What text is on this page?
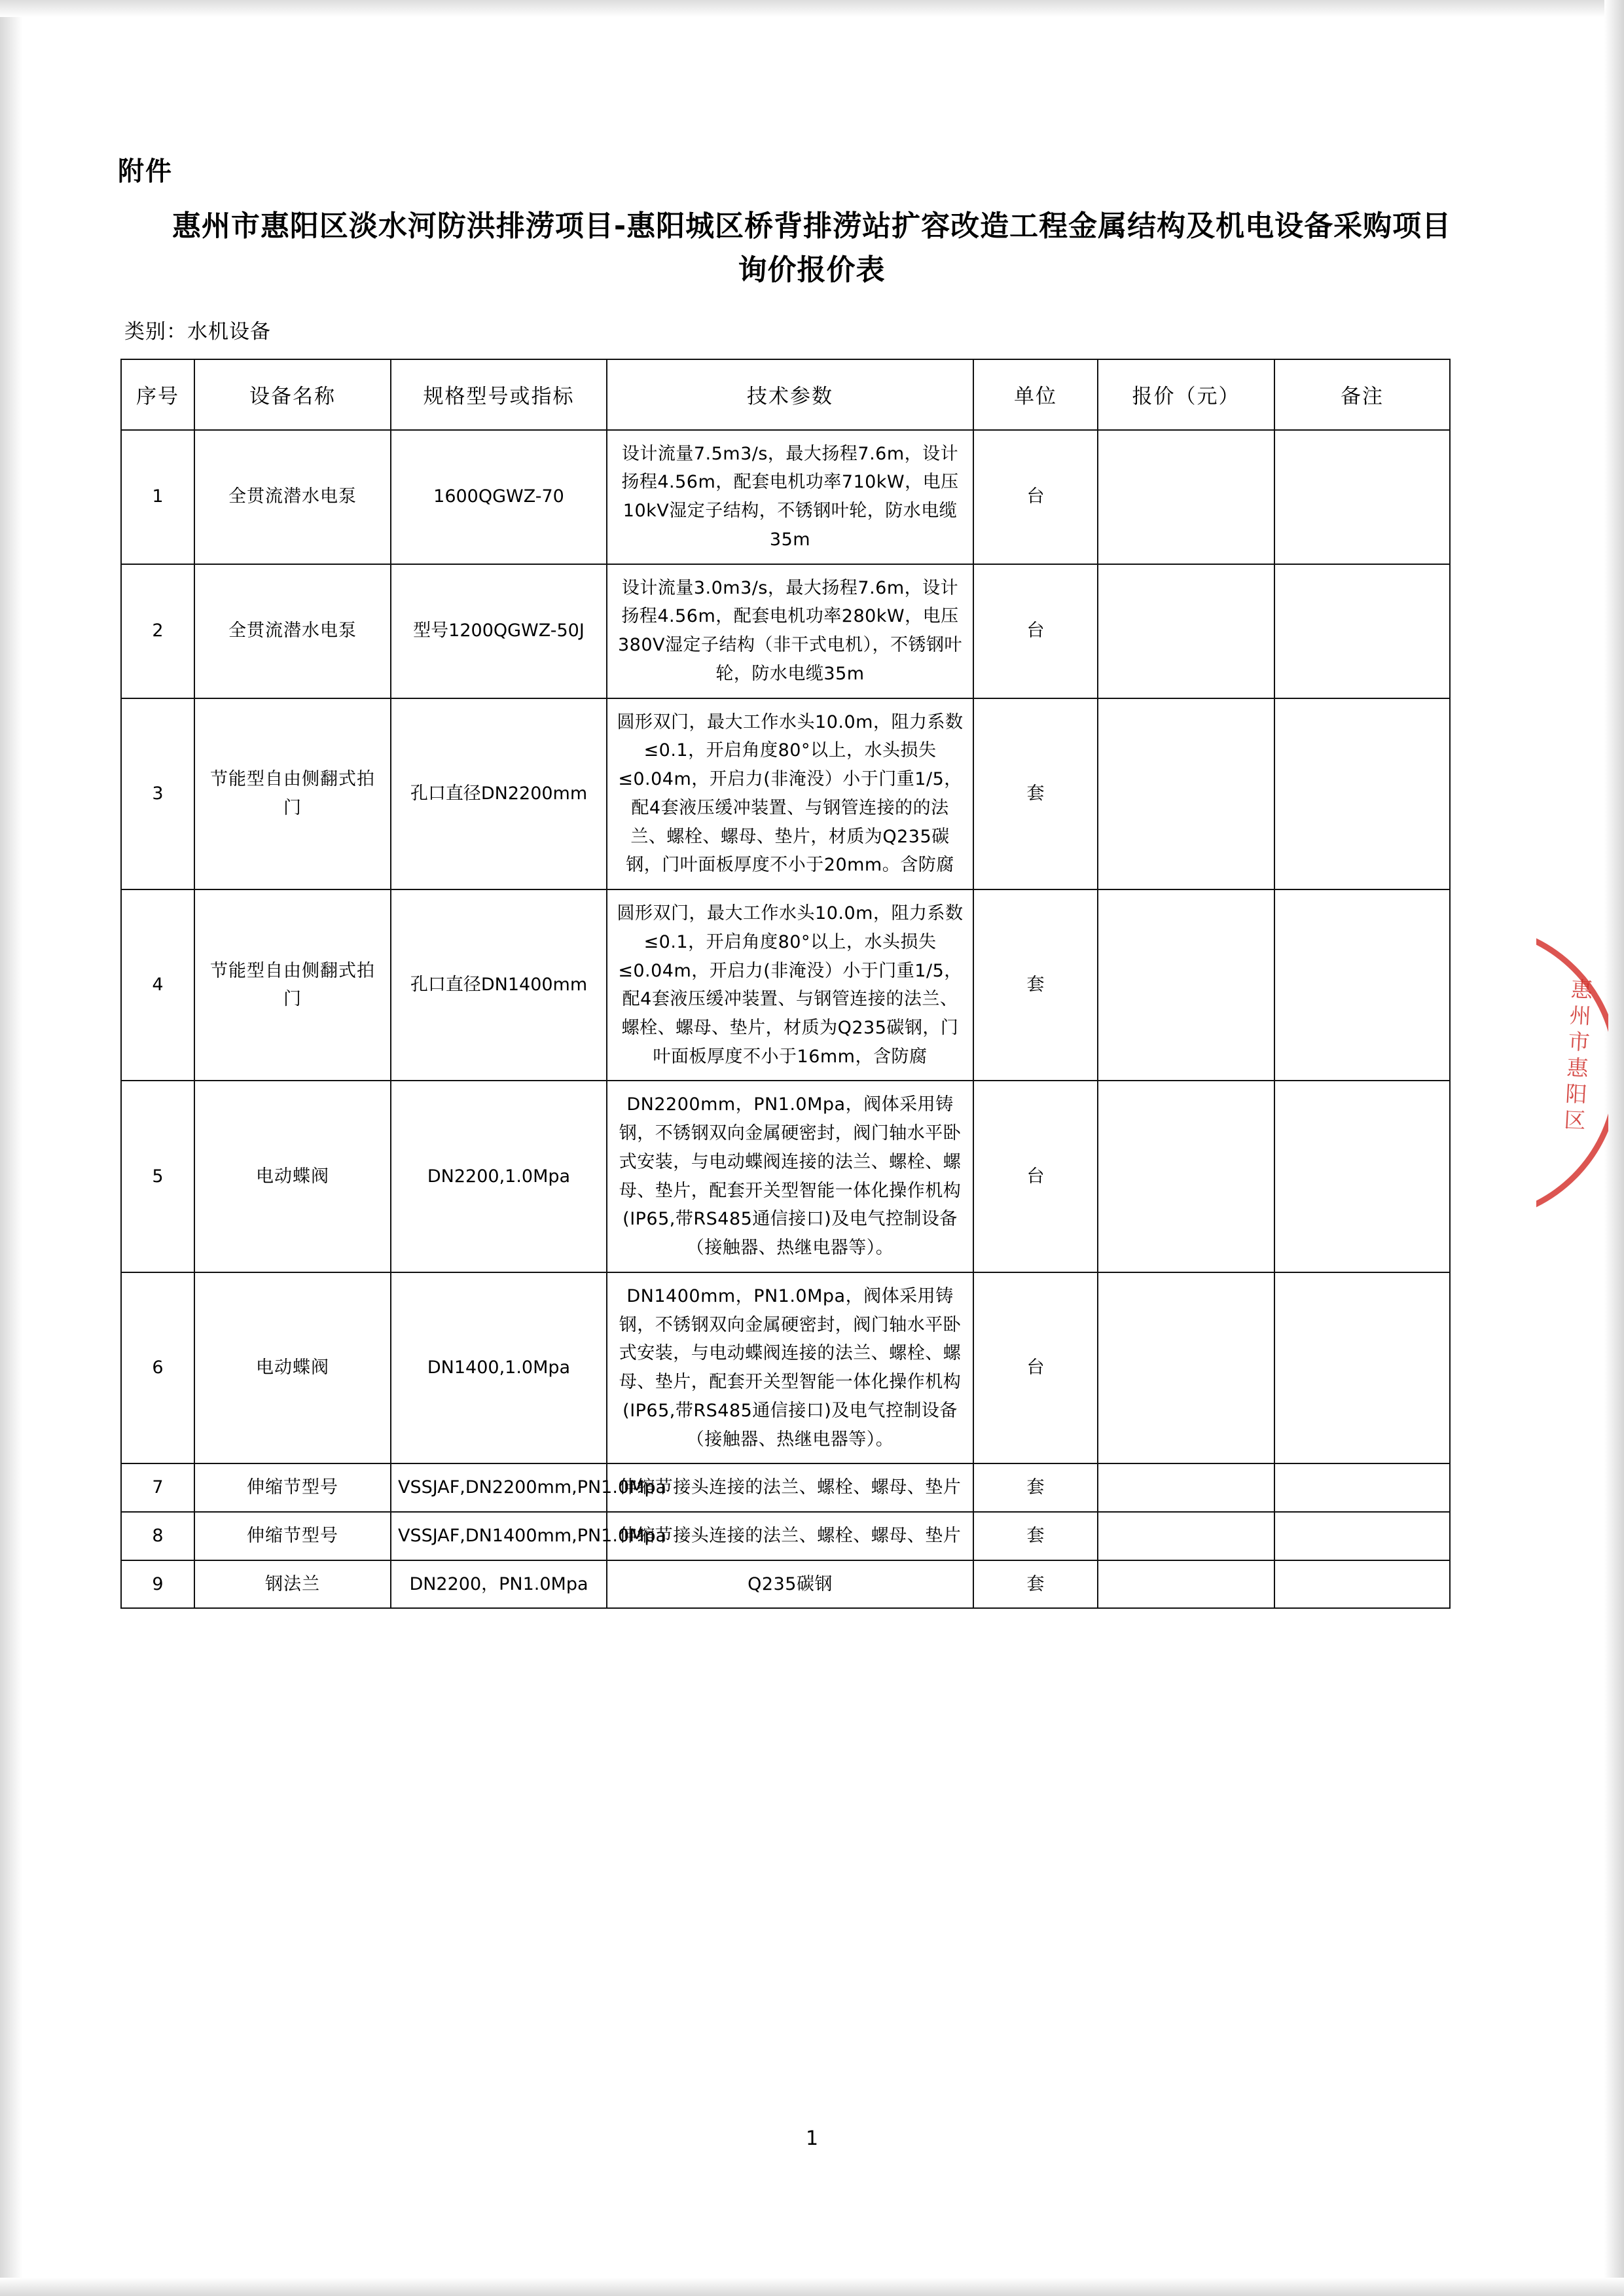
附件
惠州市惠阳区淡水河防洪排涝项目-惠阳城区桥背排涝站扩容改造工程金属结构及机电设备采购项目询价报价表
类别：水机设备
序号	设备名称	规格型号或指标	技术参数	单位	报价（元）	备注
1	全贯流潜水电泵	1600QGWZ-70	设计流量7.5m3/s，最大扬程7.6m，设计扬程4.56m，配套电机功率710kW，电压10kV湿定子结构，不锈钢叶轮，防水电缆35m	台		
2	全贯流潜水电泵	型号1200QGWZ-50J	设计流量3.0m3/s，最大扬程7.6m，设计扬程4.56m，配套电机功率280kW，电压380V湿定子结构（非干式电机），不锈钢叶轮，防水电缆35m	台		
3	节能型自由侧翻式拍门	孔口直径DN2200mm	圆形双门，最大工作水头10.0m，阻力系数≤0.1，开启角度80°以上，水头损失≤0.04m，开启力(非淹没）小于门重1/5，配4套液压缓冲装置、与钢管连接的的法兰、螺栓、螺母、垫片，材质为Q235碳钢，门叶面板厚度不小于20mm。含防腐	套		
4	节能型自由侧翻式拍门	孔口直径DN1400mm	圆形双门，最大工作水头10.0m，阻力系数≤0.1，开启角度80°以上，水头损失≤0.04m，开启力(非淹没）小于门重1/5，配4套液压缓冲装置、与钢管连接的法兰、螺栓、螺母、垫片，材质为Q235碳钢，门叶面板厚度不小于16mm，含防腐	套		
5	电动蝶阀	DN2200,1.0Mpa	DN2200mm，PN1.0Mpa，阀体采用铸钢，不锈钢双向金属硬密封，阀门轴水平卧式安装，与电动蝶阀连接的法兰、螺栓、螺母、垫片，配套开关型智能一体化操作机构(IP65,带RS485通信接口)及电气控制设备（接触器、热继电器等）。	台		
6	电动蝶阀	DN1400,1.0Mpa	DN1400mm，PN1.0Mpa，阀体采用铸钢，不锈钢双向金属硬密封，阀门轴水平卧式安装，与电动蝶阀连接的法兰、螺栓、螺母、垫片，配套开关型智能一体化操作机构(IP65,带RS485通信接口)及电气控制设备（接触器、热继电器等）。	台		
7	伸缩节型号	VSSJAF,DN2200mm,PN1.0Mpa	伸缩节接头连接的法兰、螺栓、螺母、垫片	套		
8	伸缩节型号	VSSJAF,DN1400mm,PN1.0Mpa	伸缩节接头连接的法兰、螺栓、螺母、垫片	套		
9	钢法兰	DN2200，PN1.0Mpa	Q235碳钢	套		
惠州市惠阳区
1
